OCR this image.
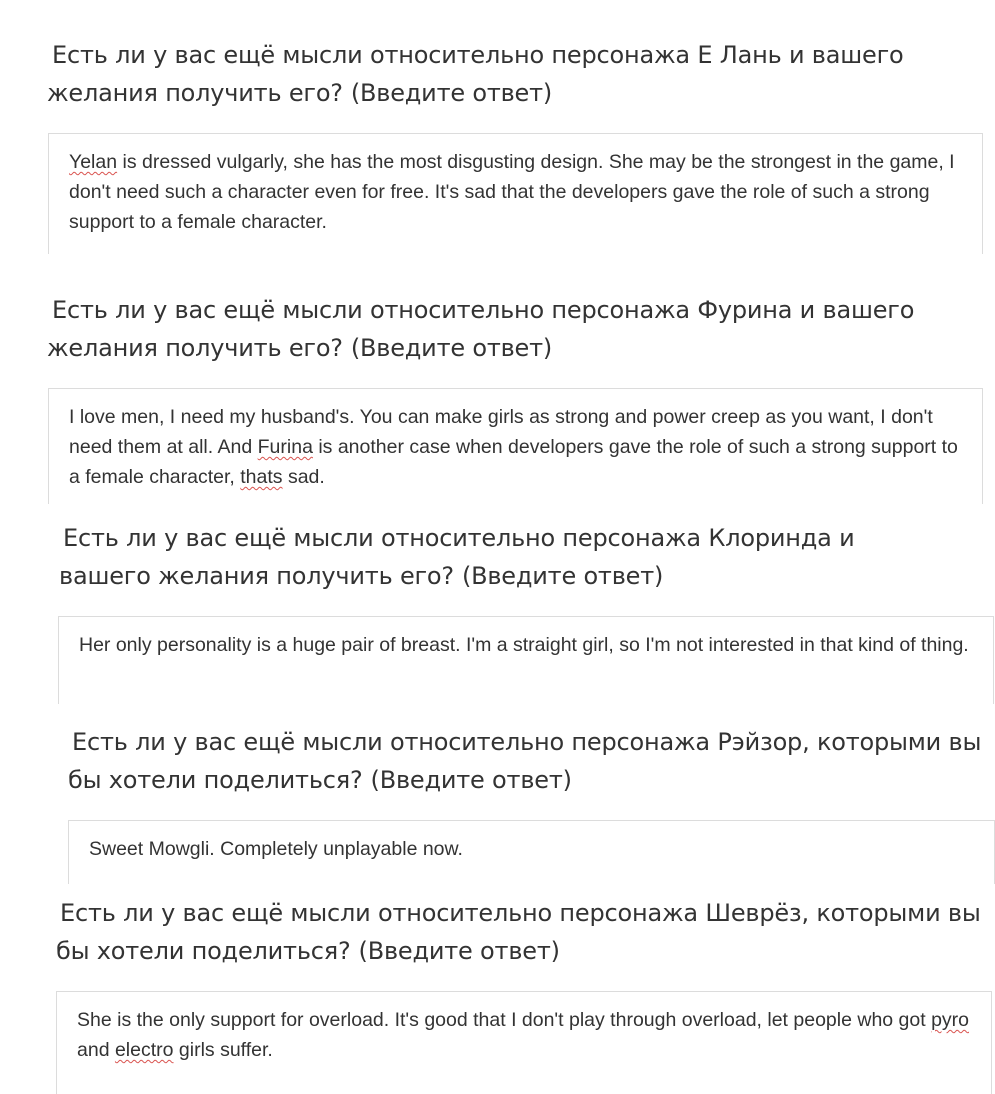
Есть ли у вас ещё мысли относительно персонажа Е Лань и вашего желания получить его? (Введите ответ)

Yelan is dressed vulgarly, she has the most disgusting design. She may be the strongest in the game, I don't need such a character even for free. It's sad that the developers gave the role of such a strong support to a female character.

Есть ли у вас ещё мысли относительно персонажа Фурина и вашего желания получить его? (Введите ответ)

I love men, I need my husband's. You can make girls as strong and power creep as you want, I don't need them at all. And Furina is another case when developers gave the role of such a strong support to a female character, thats sad.

Есть ли у вас ещё мысли относительно персонажа Клоринда и вашего желания получить его? (Введите ответ)

Her only personality is a huge pair of breast. I'm a straight girl, so I'm not interested in that kind of thing.

Есть ли у вас ещё мысли относительно персонажа Рэйзор, которыми вы бы хотели поделиться? (Введите ответ)

Sweet Mowgli. Completely unplayable now.

Есть ли у вас ещё мысли относительно персонажа Шеврёз, которыми вы бы хотели поделиться? (Введите ответ)

She is the only support for overload. It's good that I don't play through overload, let people who got pyro and electro girls suffer.
